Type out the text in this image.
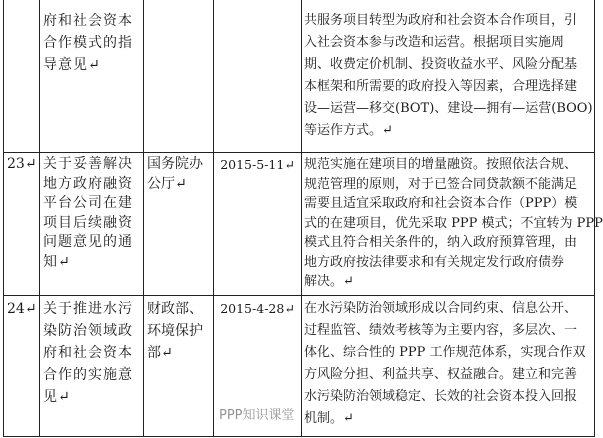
府和社会资本
合作模式的指
导意见↵
共服务项目转型为政府和社会资本合作项目，引
入社会资本参与改造和运营。根据项目实施周
期、收费定价机制、投资收益水平、风险分配基
本框架和所需要的政府投入等因素，合理选择建
设—运营—移交(BOT)、建设—拥有—运营(BOO)
等运作方式。↵
23↵ 关于妥善解决
地方政府融资
平台公司在建
项目后续融资
问题意见的通
知↵
国务院办
公厅↵
2015-5-11↵ 规范实施在建项目的增量融资。按照依法合规、
规范管理的原则，对于已签合同贷款额不能满足
需要且适宜采取政府和社会资本合作（PPP）模
式的在建项目，优先采取 PPP 模式；不宜转为 PPP
模式且符合相关条件的，纳入政府预算管理，由
地方政府按法律要求和有关规定发行政府债券
解决。↵
24↵ 关于推进水污
染防治领域政
府和社会资本
合作的实施意
见↵
财政部、
环境保护
部↵
2015-4-28↵ 在水污染防治领域形成以合同约束、信息公开、
过程监管、绩效考核等为主要内容，多层次、一
体化、综合性的 PPP 工作规范体系，实现合作双
方风险分担、利益共享、权益融合。建立和完善
水污染防治领域稳定、长效的社会资本投入回报
机制。↵
PPP知识课堂
